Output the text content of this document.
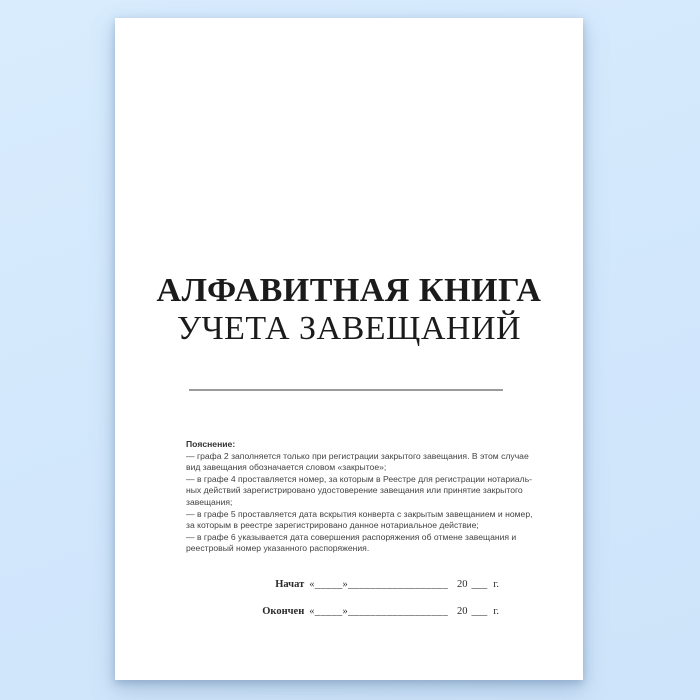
АЛФАВИТНАЯ КНИГА
УЧЕТА ЗАВЕЩАНИЙ
Пояснение:
— графа 2 заполняется только при регистрации закрытого завещания. В этом случае
вид завещания обозначается словом «закрытое»;
— в графе 4 проставляется номер, за которым в Реестре для регистрации нотариаль-
ных действий зарегистрировано удостоверение завещания или принятие закрытого
завещания;
— в графе 5 проставляется дата вскрытия конверта с закрытым завещанием и номер,
за которым в реестре зарегистрировано данное нотариальное действие;
— в графе 6 указывается дата совершения распоряжения об отмене завещания и
реестровый номер указанного распоряжения.
Начат «_____»__________________ 20 ___ г.
Окончен «_____»__________________ 20 ___ г.
